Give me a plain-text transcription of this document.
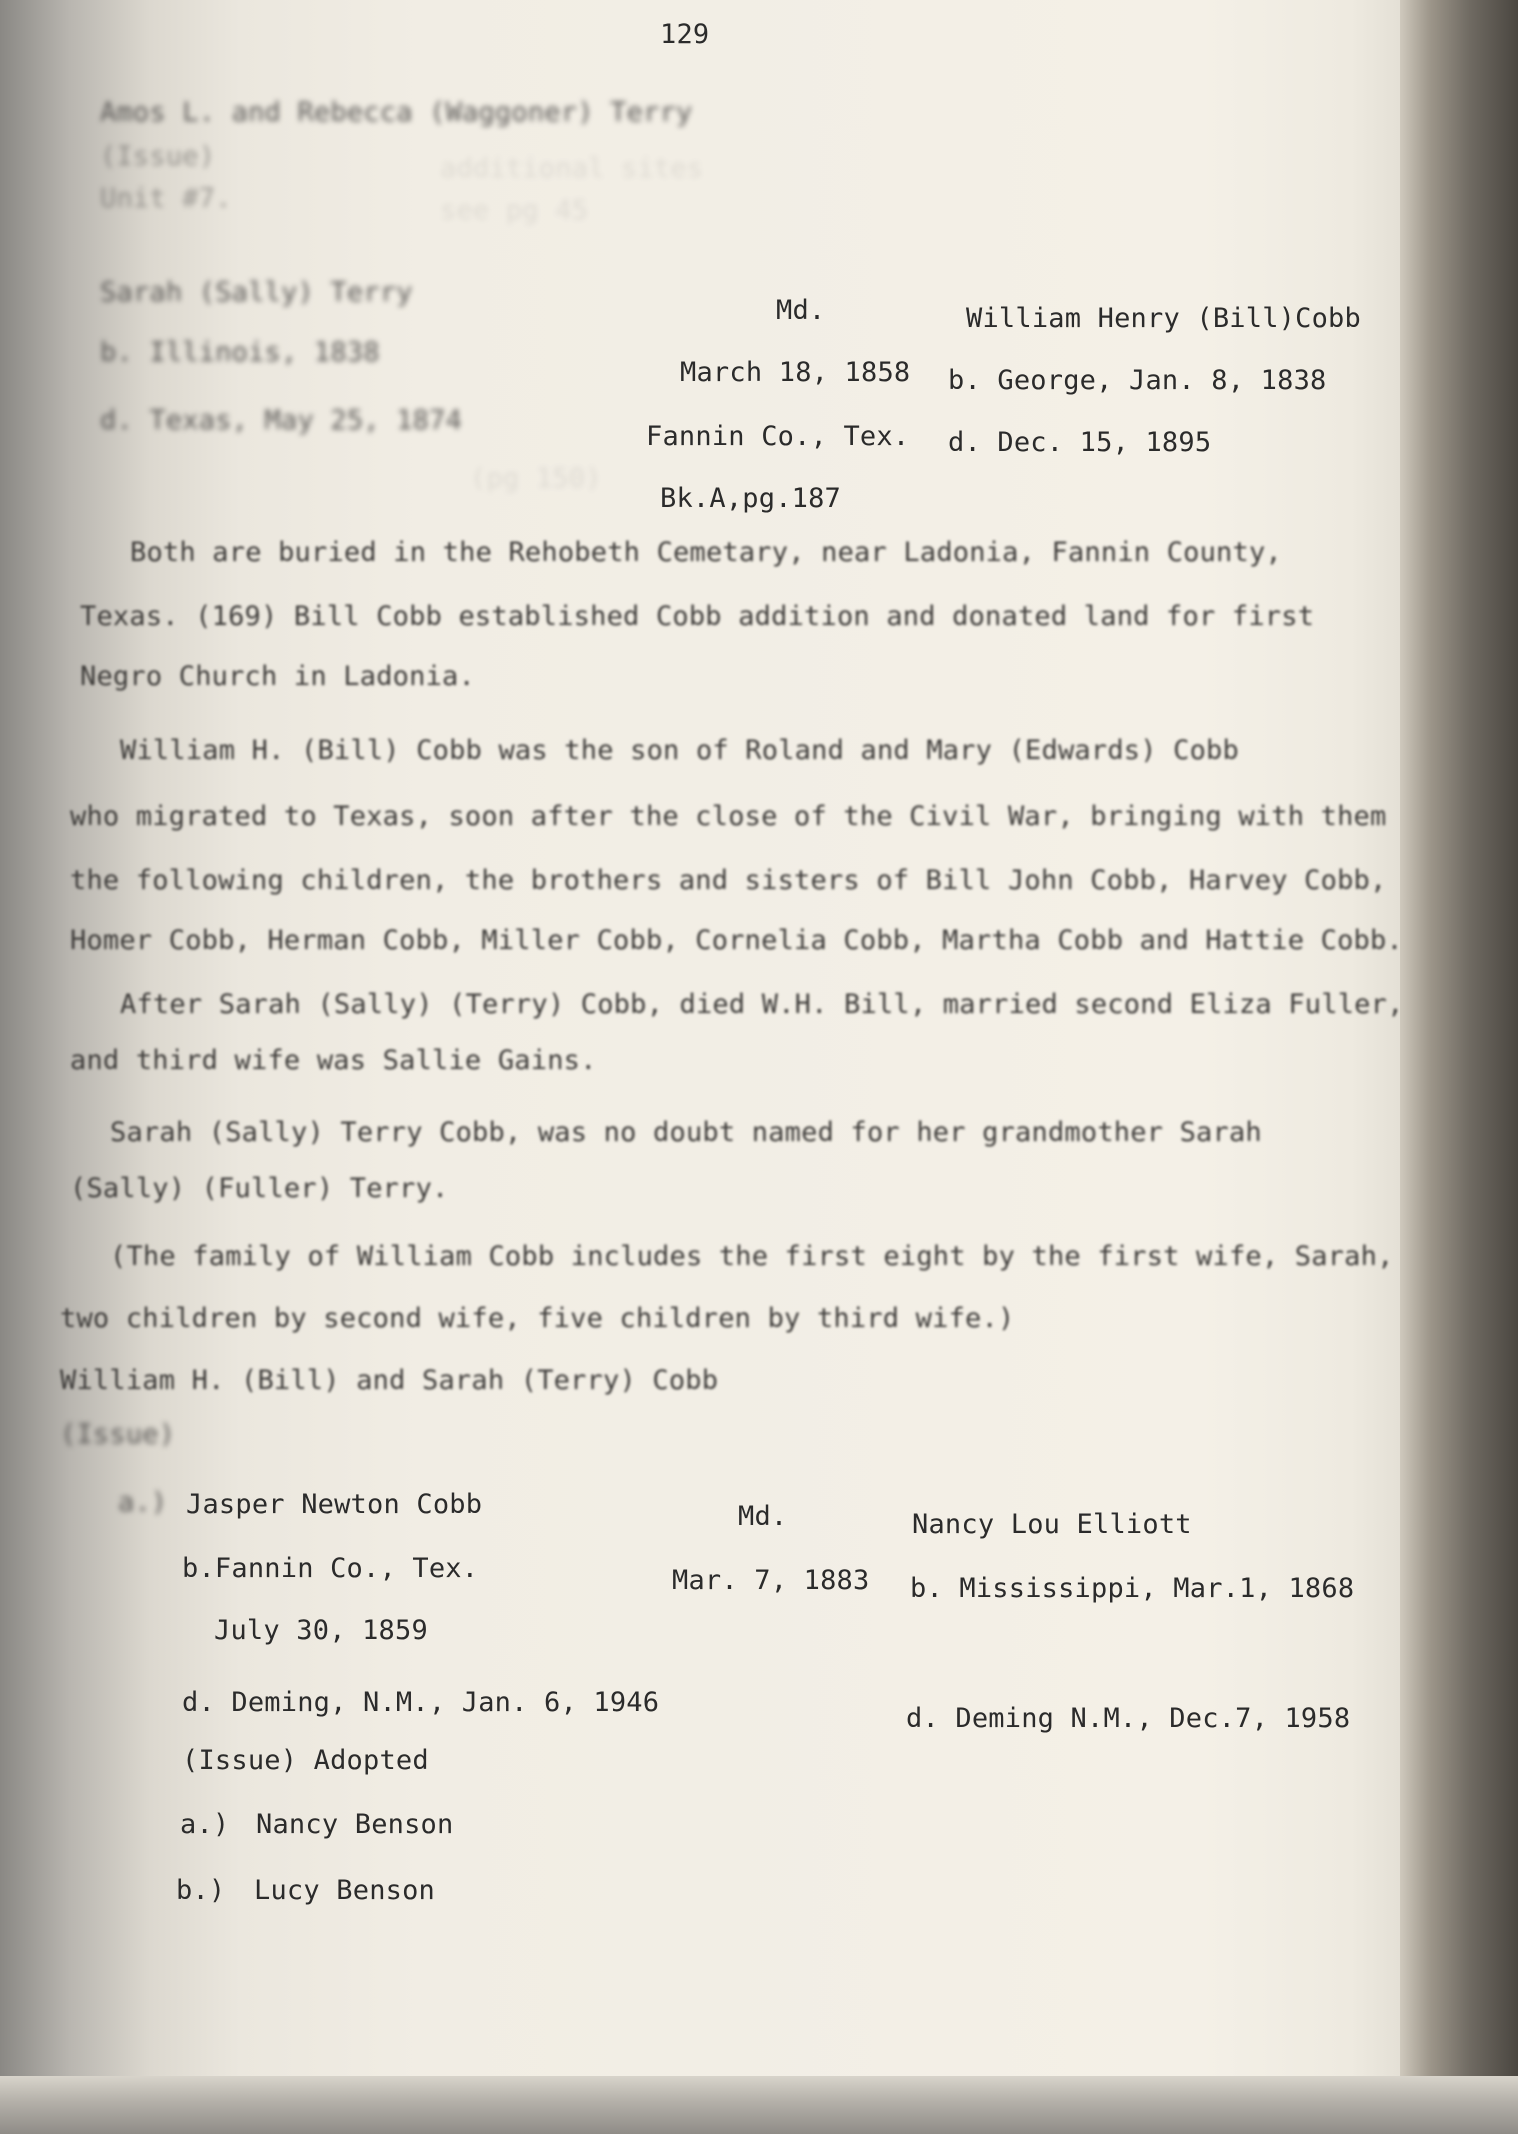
129
Amos L. and Rebecca (Waggoner) Terry
(Issue)	additional sites
Unit #7.	see pg 45
Sarah (Sally) Terry
b. Illinois, 1838
d. Texas, May 25, 1874
Md.
March 18, 1858
Fannin Co., Tex.
Bk.A,pg.187
William Henry (Bill)Cobb
b. George, Jan. 8, 1838
d. Dec. 15, 1895
(pg 150)
Both are buried in the Rehobeth Cemetary, near Ladonia, Fannin County,
Texas. (169) Bill Cobb established Cobb addition and donated land for first
Negro Church in Ladonia.
William H. (Bill) Cobb was the son of Roland and Mary (Edwards) Cobb
who migrated to Texas, soon after the close of the Civil War, bringing with them
the following children, the brothers and sisters of Bill John Cobb, Harvey Cobb,
Homer Cobb, Herman Cobb, Miller Cobb, Cornelia Cobb, Martha Cobb and Hattie Cobb.
After Sarah (Sally) (Terry) Cobb, died W.H. Bill, married second Eliza Fuller,
and third wife was Sallie Gains.
Sarah (Sally) Terry Cobb, was no doubt named for her grandmother Sarah
(Sally) (Fuller) Terry.
(The family of William Cobb includes the first eight by the first wife, Sarah,
two children by second wife, five children by third wife.)
William H. (Bill) and Sarah (Terry) Cobb
(Issue)
a.) Jasper Newton Cobb
b.Fannin Co., Tex.
July 30, 1859
d. Deming, N.M., Jan. 6, 1946
Md.
Mar. 7, 1883
Nancy Lou Elliott
b. Mississippi, Mar.1, 1868
d. Deming N.M., Dec.7, 1958
(Issue) Adopted
a.) Nancy Benson
b.) Lucy Benson
